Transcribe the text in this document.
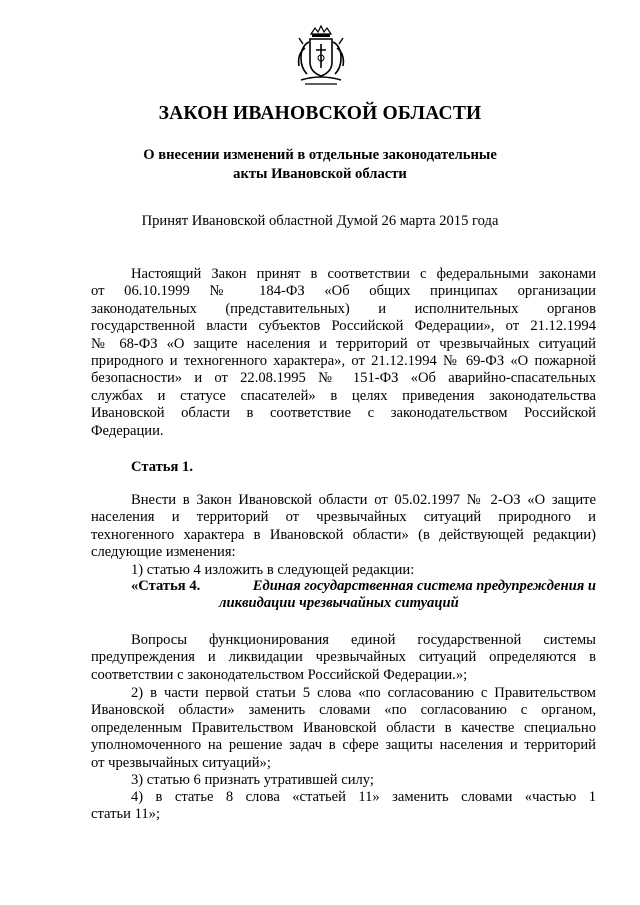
ЗАКОН ИВАНОВСКОЙ ОБЛАСТИ
О внесении изменений в отдельные законодательные
акты Ивановской области
Принят Ивановской областной Думой 26 марта 2015 года
Настоящий Закон принят в соответствии с федеральными законами
от 06.10.1999 № 184-ФЗ «Об общих принципах организации
законодательных (представительных) и исполнительных органов
государственной власти субъектов Российской Федерации», от 21.12.1994
№ 68-ФЗ «О защите населения и территорий от чрезвычайных ситуаций
природного и техногенного характера», от 21.12.1994 № 69-ФЗ «О пожарной
безопасности» и от 22.08.1995 № 151-ФЗ «Об аварийно-спасательных
службах и статусе спасателей» в целях приведения законодательства
Ивановской области в соответствие с законодательством Российской
Федерации.
Статья 1.
Внести в Закон Ивановской области от 05.02.1997 № 2-ОЗ «О защите
населения и территорий от чрезвычайных ситуаций природного и
техногенного характера в Ивановской области» (в действующей редакции)
следующие изменения:
1) статью 4 изложить в следующей редакции:
«Статья 4.	Единая государственная система предупреждения и
ликвидации чрезвычайных ситуаций
Вопросы функционирования единой государственной системы
предупреждения и ликвидации чрезвычайных ситуаций определяются в
соответствии с законодательством Российской Федерации.»;
2) в части первой статьи 5 слова «по согласованию с Правительством
Ивановской области» заменить словами «по согласованию с органом,
определенным Правительством Ивановской области в качестве специально
уполномоченного на решение задач в сфере защиты населения и территорий
от чрезвычайных ситуаций»;
3) статью 6 признать утратившей силу;
4) в статье 8 слова «статьей 11» заменить словами «частью 1
статьи 11»;
